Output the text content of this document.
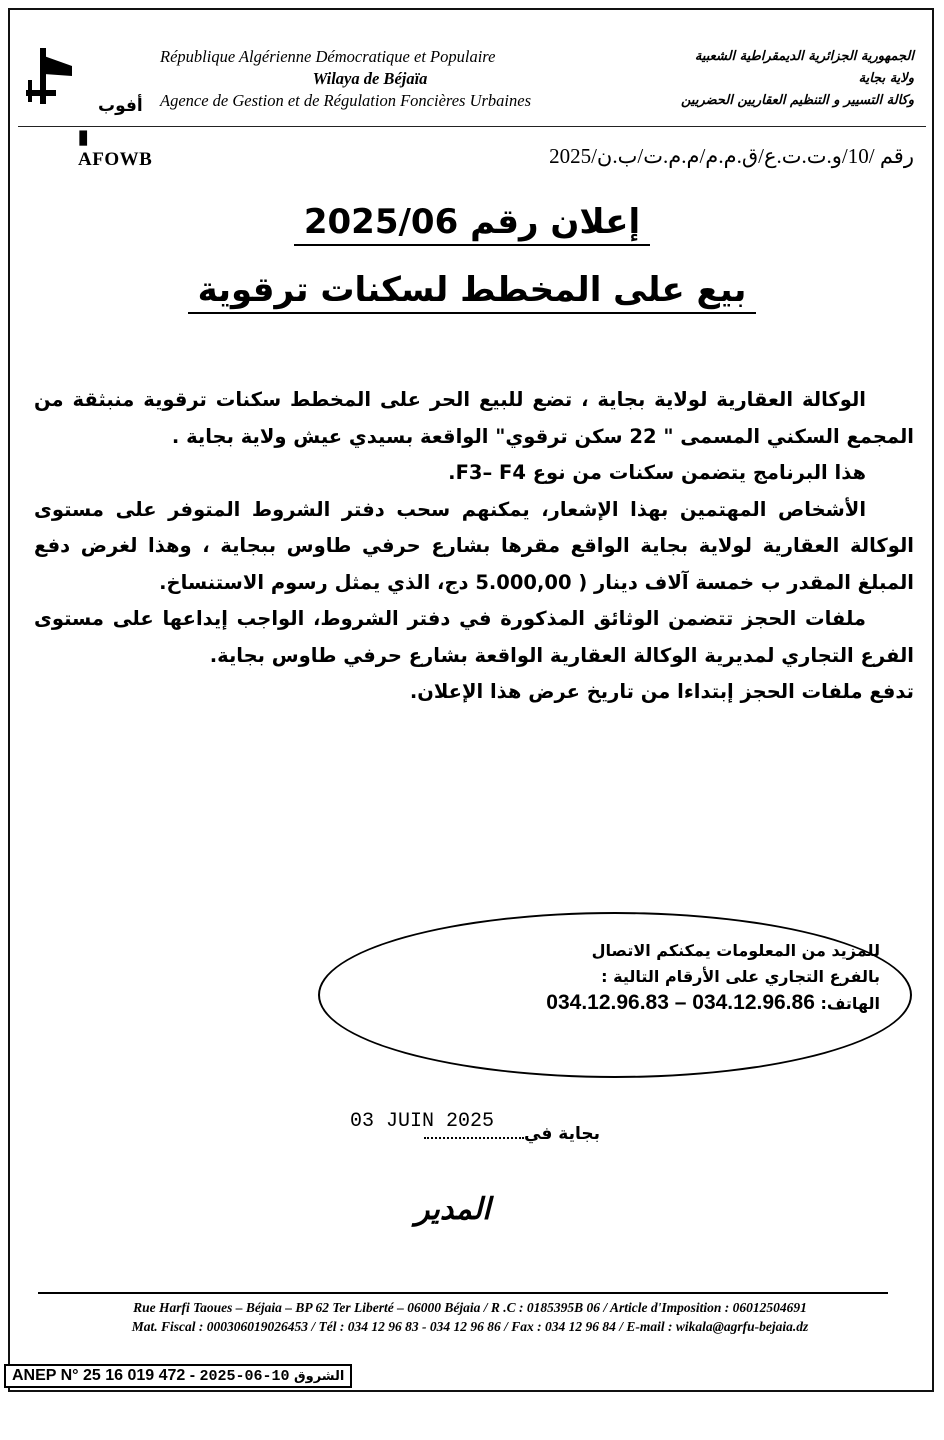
أفوب
▮ AFOWB
République Algérienne Démocratique et Populaire
Wilaya de Béjaïa
Agence de Gestion et de Régulation Foncières Urbaines
الجمهورية الجزائرية الديمقراطية الشعبية
ولاية بجاية
وكالة التسيير و التنظيم العقاريين الحضريين
رقم /10/و.ت.ت.ع/ق.م.م/م.م.ت/ب.ن/2025
إعلان رقم 2025/06
بيع على المخطط لسكنات ترقوية

الوكالة العقارية لولاية بجاية ، تضع للبيع الحر على المخطط سكنات ترقوية منبثقة من المجمع السكني المسمى " 22 سكن ترقوي" الواقعة بسيدي عيش ولاية بجاية .

هذا البرنامج يتضمن سكنات من نوع F3– F4.

الأشخاص المهتمين بهذا الإشعار، يمكنهم سحب دفتر الشروط المتوفر على مستوى الوكالة العقارية لولاية بجاية الواقع مقرها بشارع حرفي طاوس ببجاية ، وهذا لغرض دفع المبلغ المقدر ب خمسة آلاف دينار ( 5.000,00 دج، الذي يمثل رسوم الاستنساخ.

ملفات الحجز تتضمن الوثائق المذكورة في دفتر الشروط، الواجب إيداعها على مستوى الفرع التجاري لمديرية الوكالة العقارية الواقعة بشارع حرفي طاوس بجاية.

تدفع ملفات الحجز إبتداءا من تاريخ عرض هذا الإعلان.

للمزيد من المعلومات يمكنكم الاتصال
بالفرع التجاري على الأرقام التالية :
الهاتف: 034.12.96.83 – 034.12.96.86
03 JUIN 2025
بجاية في
المدير
Rue Harfi Taoues – Béjaia – BP 62 Ter Liberté – 06000 Béjaia / R .C : 0185395B 06 / Article d'Imposition : 06012504691
Mat. Fiscal : 000306019026453 / Tél : 034 12 96 83 - 034 12 96 86 / Fax : 034 12 96 84 / E-mail : wikala@agrfu-bejaia.dz
ANEP N° 25 16 019 472 - 2025-06-10 الشروق
